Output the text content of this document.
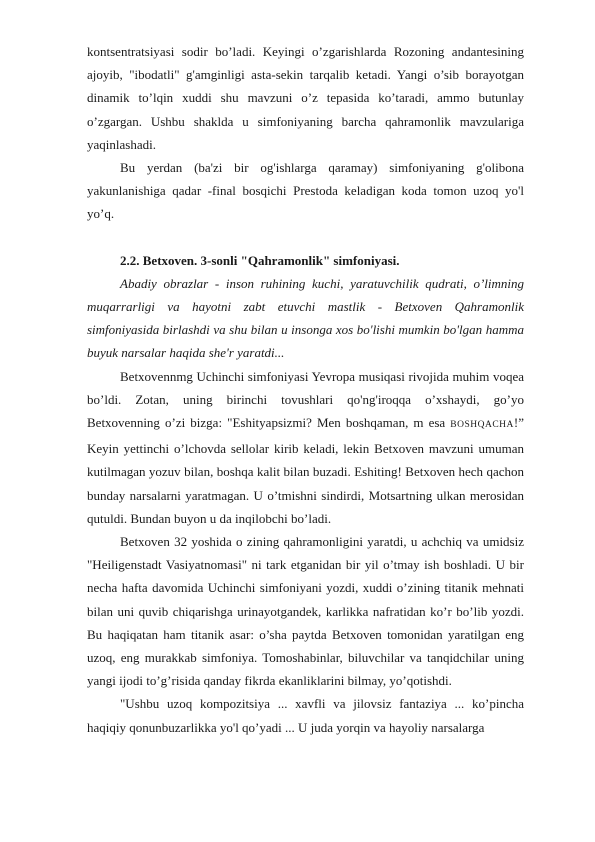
kontsentratsiyasi sodir bo’ladi. Keyingi o’zgarishlarda Rozoning andantesining ajoyib, "ibodatli" g'amginligi asta-sekin tarqalib ketadi. Yangi o’sib borayotgan dinamik to’lqin xuddi shu mavzuni o’z tepasida ko’taradi, ammo butunlay o’zgargan. Ushbu shaklda u simfoniyaning barcha qahramonlik mavzulariga yaqinlashadi.

Bu yerdan (ba'zi bir og'ishlarga qaramay) simfoniyaning g'olibona yakunlanishiga qadar -final bosqichi Prestoda keladigan koda tomon uzoq yo'l yo’q.

2.2. Betxoven. 3-sonli "Qahramonlik" simfoniyasi.

Abadiy obrazlar - inson ruhining kuchi, yaratuvchilik qudrati, o’limning muqarrarligi va hayotni zabt etuvchi mastlik - Betxoven Qahramonlik simfoniyasida birlashdi va shu bilan u insonga xos bo'lishi mumkin bo'lgan hamma buyuk narsalar haqida she'r yaratdi...

Betxovennmg Uchinchi simfoniyasi Yevropa musiqasi rivojida muhim voqea bo’ldi. Zotan, uning birinchi tovushlari qo'ng'iroqqa o’xshaydi, go’yo Betxovenning o’zi bizga: "Eshityapsizmi? Men boshqaman, m esa BOSHQACHA!” Keyin yettinchi o’lchovda sellolar kirib keladi, lekin Betxoven mavzuni umuman kutilmagan yozuv bilan, boshqa kalit bilan buzadi. Eshiting! Betxoven hech qachon bunday narsalarni yaratmagan. U o’tmishni sindirdi, Motsartning ulkan merosidan qutuldi. Bundan buyon u da inqilobchi bo’ladi.

Betxoven 32 yoshida o zining qahramonligini yaratdi, u achchiq va umidsiz "Heiligenstadt Vasiyatnomasi" ni tark etganidan bir yil o’tmay ish boshladi. U bir necha hafta davomida Uchinchi simfoniyani yozdi, xuddi o’zining titanik mehnati bilan uni quvib chiqarishga urinayotgandek, karlikka nafratidan ko’r bo’lib yozdi. Bu haqiqatan ham titanik asar: o’sha paytda Betxoven tomonidan yaratilgan eng uzoq, eng murakkab simfoniya. Tomoshabinlar, biluvchilar va tanqidchilar uning yangi ijodi to’g’risida qanday fikrda ekanliklarini bilmay, yo’qotishdi.

"Ushbu uzoq kompozitsiya ... xavfli va jilovsiz fantaziya ... ko’pincha haqiqiy qonunbuzarlikka yo'l qo’yadi ... U juda yorqin va hayoliy narsalarga
